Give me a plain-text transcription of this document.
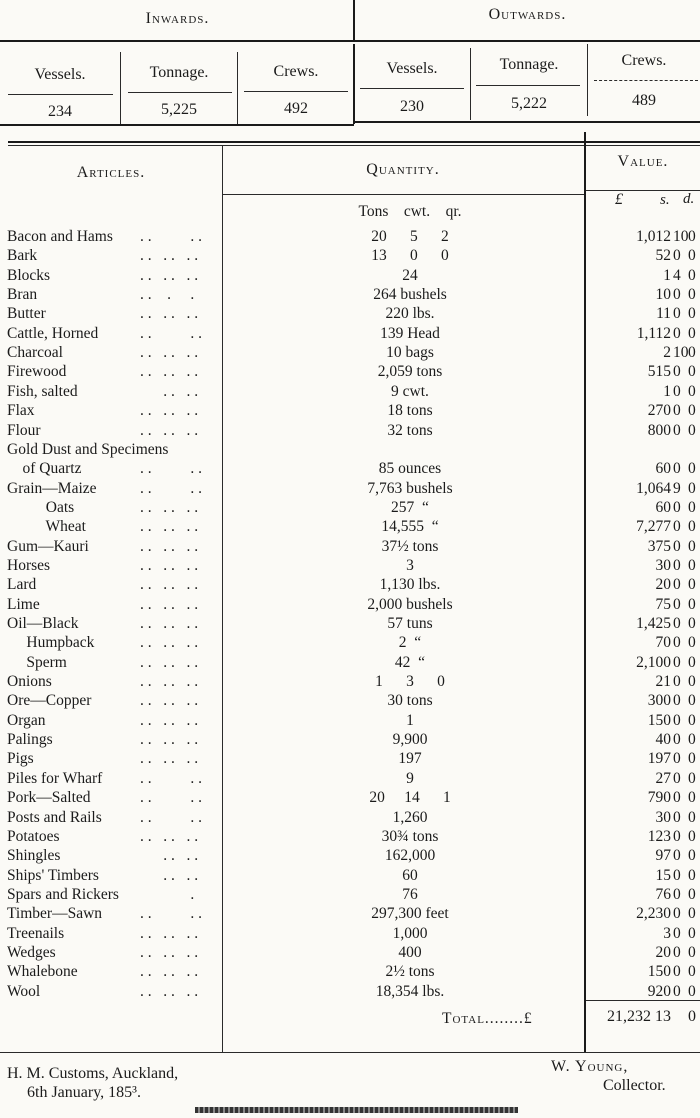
Inwards.	Outwards.
Vessels.	Tonnage.	Crews.	Vessels.	Tonnage.	Crews.
234	5,225	492	230	5,222	489
Articles.	Quantity.	Value.
£ s. d.
Tons    cwt.    qr.
Bacon and Hams . .          . .	20      5      2	1,012 10 0
Bark	. .   . .   . .	13      0      0	52 0 0
Blocks	. .   . .   . .	24	1 4 0
Bran	. .    .     .	264 bushels	10 0 0
Butter	. .   . .   . .	220 lbs.	11 0 0
Cattle, Horned	. .          . .	139 Head	1,112 0 0
Charcoal	. .   . .   . .	10 bags	2 10 0
Firewood	. .   . .   . .	2,059 tons	515 0 0
Fish, salted	. .   . .	9 cwt.	1 0 0
Flax	. .   . .   . .	18 tons	270 0 0
Flour	. .   . .   . .	32 tons	800 0 0
Gold Dust and Specimens
of Quartz	. .          . .	85 ounces	60 0 0
Grain—Maize	. .          . .	7,763 bushels	1,064 9 0
Oats	. .   . .   . .	257  “	60 0 0
Wheat	. .   . .   . .	14,555  “	7,277 0 0
Gum—Kauri	. .   . .   . .	37½ tons	375 0 0
Horses	. .   . .   . .	3	30 0 0
Lard	. .   . .   . .	1,130 lbs.	20 0 0
Lime	. .   . .   . .	2,000 bushels	75 0 0
Oil—Black	. .   . .   . .	57 tuns	1,425 0 0
Humpback	. .   . .   . .	2  “	70 0 0
Sperm	. .   . .   . .	42  “	2,100 0 0
Onions	. .   . .   . .	1      3      0	21 0 0
Ore—Copper	. .   . .   . .	30 tons	300 0 0
Organ	. .   . .   . .	1	150 0 0
Palings	. .   . .   . .	9,900	40 0 0
Pigs	. .   . .   . .	197	197 0 0
Piles for Wharf . .          . .	9	27 0 0
Pork—Salted	. .          . .	20     14      1	790 0 0
Posts and Rails . .          . .	1,260	30 0 0
Potatoes	. .   . .   . .	30¾ tons	123 0 0
Shingles	. .   . .	162,000	97 0 0
Ships' Timbers	. .   . .	60	15 0 0
Spars and Rickers .	76	76 0 0
Timber—Sawn . .          . .	297,300 feet	2,230 0 0
Treenails	. .   . .   . .	1,000	3 0 0
Wedges	. .   . .   . .	400	20 0 0
Whalebone	. .   . .   . .	2½ tons	150 0 0
Wool	. .   . .   . .	18,354 lbs.	920 0 0
Total........£	21,232 13 0
H. M. Customs, Auckland,
6th January, 185³.
W. Young,
Collector.
